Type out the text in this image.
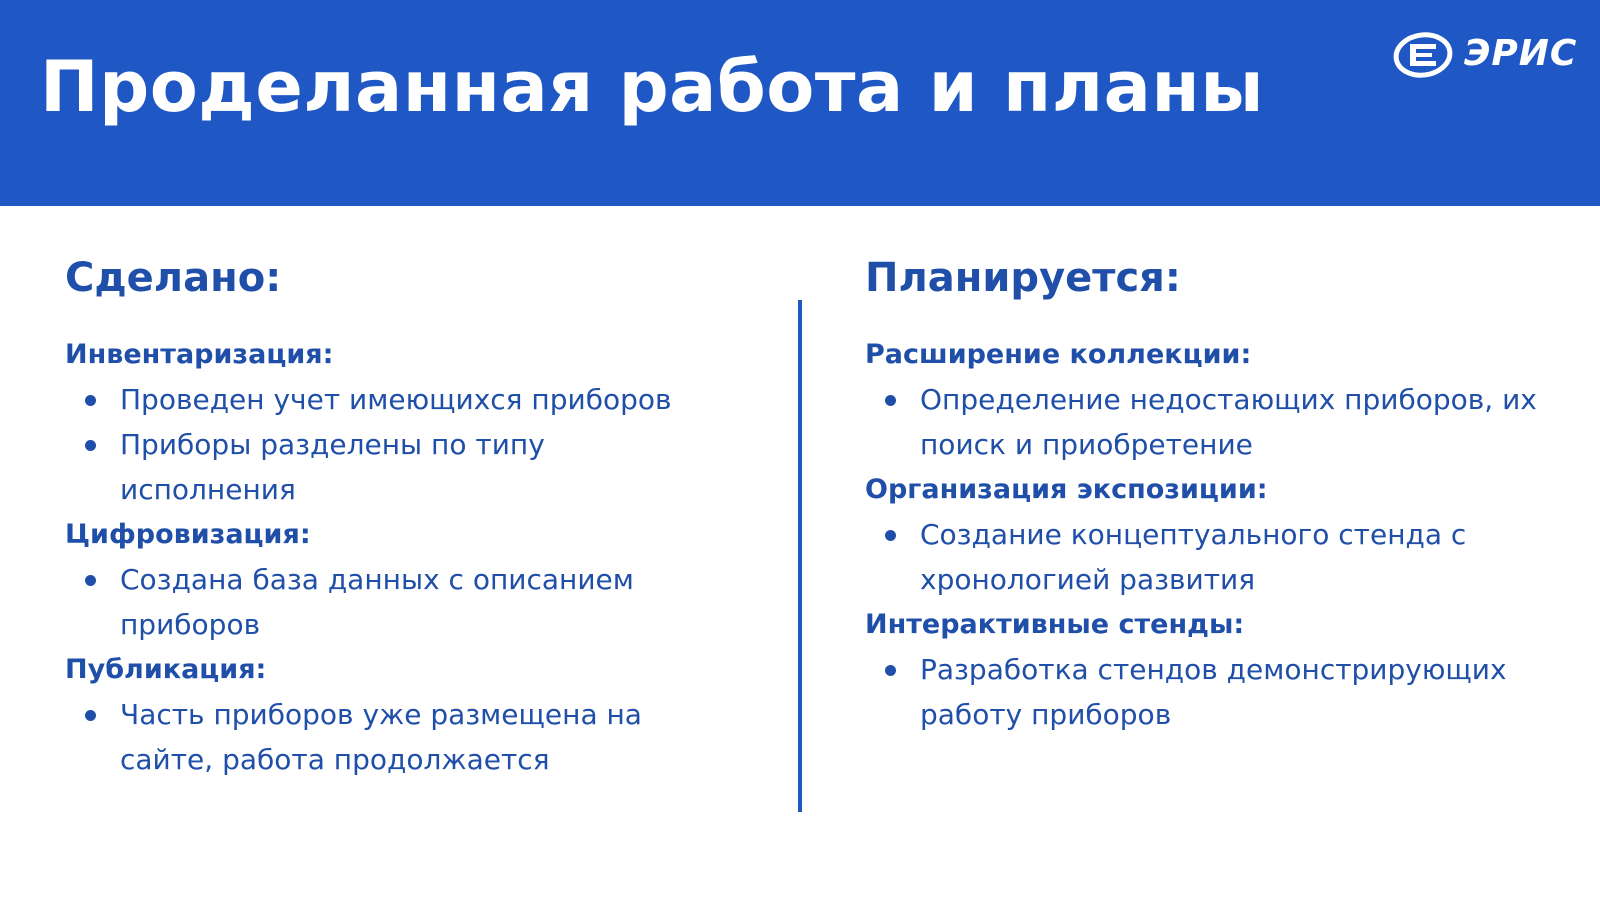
Проделанная работа и планы	ЭРИС
Сделано:
Инвентаризация:
Проведен учет имеющихся приборов
Приборы разделены по типу исполнения
Цифровизация:
Создана база данных с описанием приборов
Публикация:
Часть приборов уже размещена на сайте, работа продолжается
Планируется:
Расширение коллекции:
Определение недостающих приборов, их поиск и приобретение
Организация экспозиции:
Создание концептуального стенда с хронологией развития
Интерактивные стенды:
Разработка стендов демонстрирующих работу приборов
